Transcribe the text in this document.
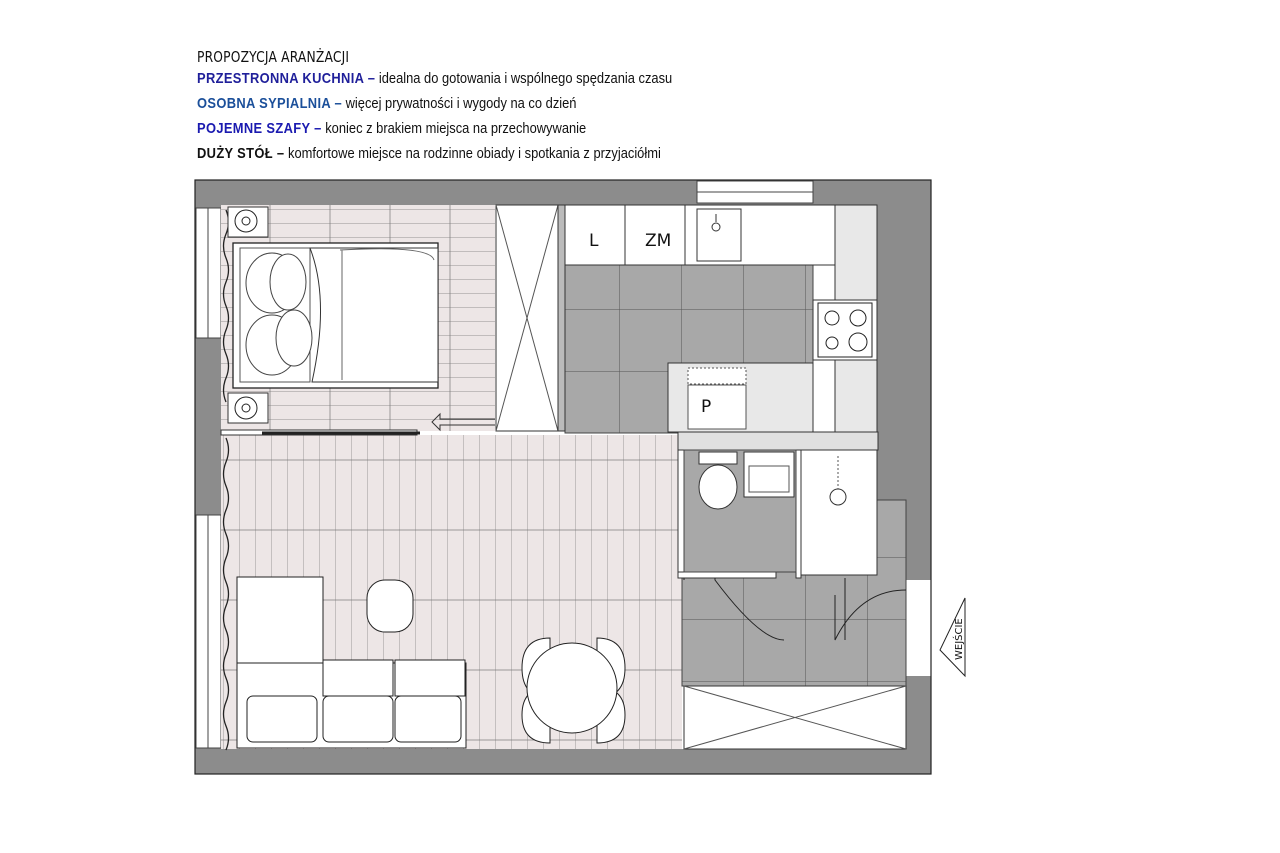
PROPOZYCJA ARANŻACJI
PRZESTRONNA KUCHNIA – idealna do gotowania i wspólnego spędzania czasu
OSOBNA SYPIALNIA – więcej prywatności i wygody na co dzień
POJEMNE SZAFY – koniec z brakiem miejsca na przechowywanie
DUŻY STÓŁ – komfortowe miejsce na rodzinne obiady i spotkania z przyjaciółmi
L	ZM
P
WEJŚCIE
